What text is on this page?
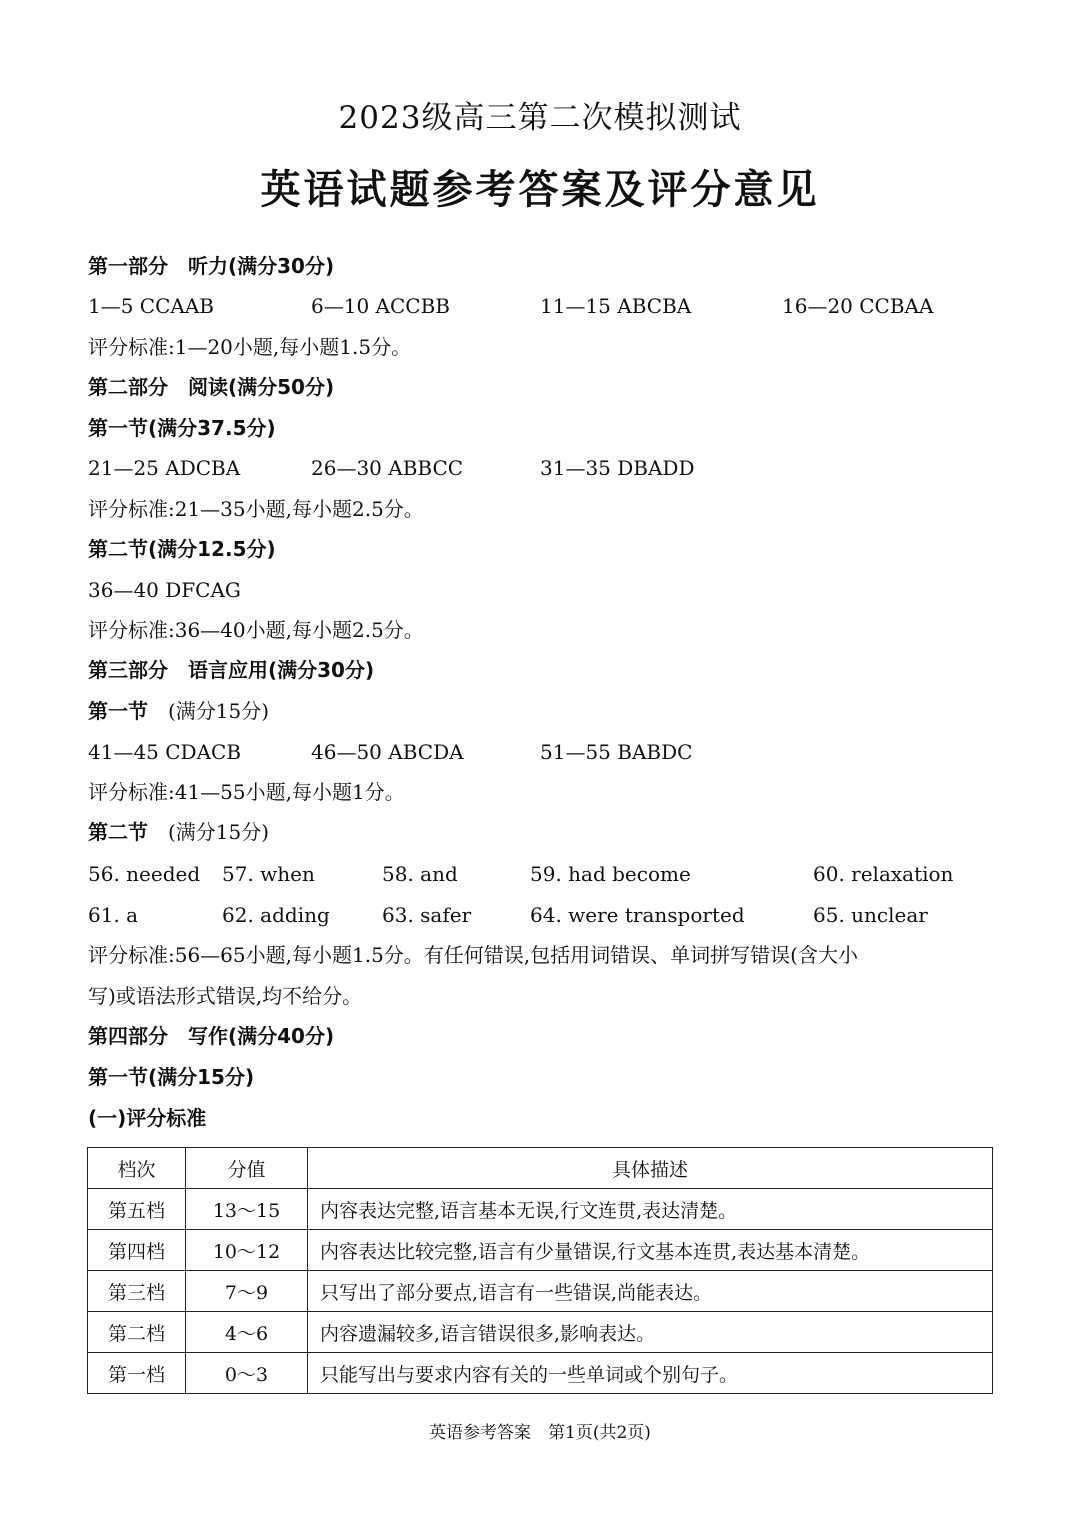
2023级高三第二次模拟测试
英语试题参考答案及评分意见
第一部分 听力(满分30分)
1—5 CCAAB	6—10 ACCBB	11—15 ABCBA	16—20 CCBAA
评分标准:1—20小题,每小题1.5分。
第二部分 阅读(满分50分)
第一节(满分37.5分)
21—25 ADCBA	26—30 ABBCC	31—35 DBADD
评分标准:21—35小题,每小题2.5分。
第二节(满分12.5分)
36—40 DFCAG
评分标准:36—40小题,每小题2.5分。
第三部分 语言应用(满分30分)
第一节 (满分15分)
41—45 CDACB	46—50 ABCDA	51—55 BABDC
评分标准:41—55小题,每小题1分。
第二节 (满分15分)
56. needed 57. when	58. and	59. had become	60. relaxation
61. a	62. adding	63. safer	64. were transported	65. unclear
评分标准:56—65小题,每小题1.5分。有任何错误,包括用词错误、单词拼写错误(含大小
写)或语法形式错误,均不给分。
第四部分 写作(满分40分)
第一节(满分15分)
(一)评分标准
档次	分值	具体描述
第五档	13～15	内容表达完整,语言基本无误,行文连贯,表达清楚。
第四档	10～12	内容表达比较完整,语言有少量错误,行文基本连贯,表达基本清楚。
第三档	7～9	只写出了部分要点,语言有一些错误,尚能表达。
第二档	4～6	内容遗漏较多,语言错误很多,影响表达。
第一档	0～3	只能写出与要求内容有关的一些单词或个别句子。
英语参考答案　第1页(共2页)
